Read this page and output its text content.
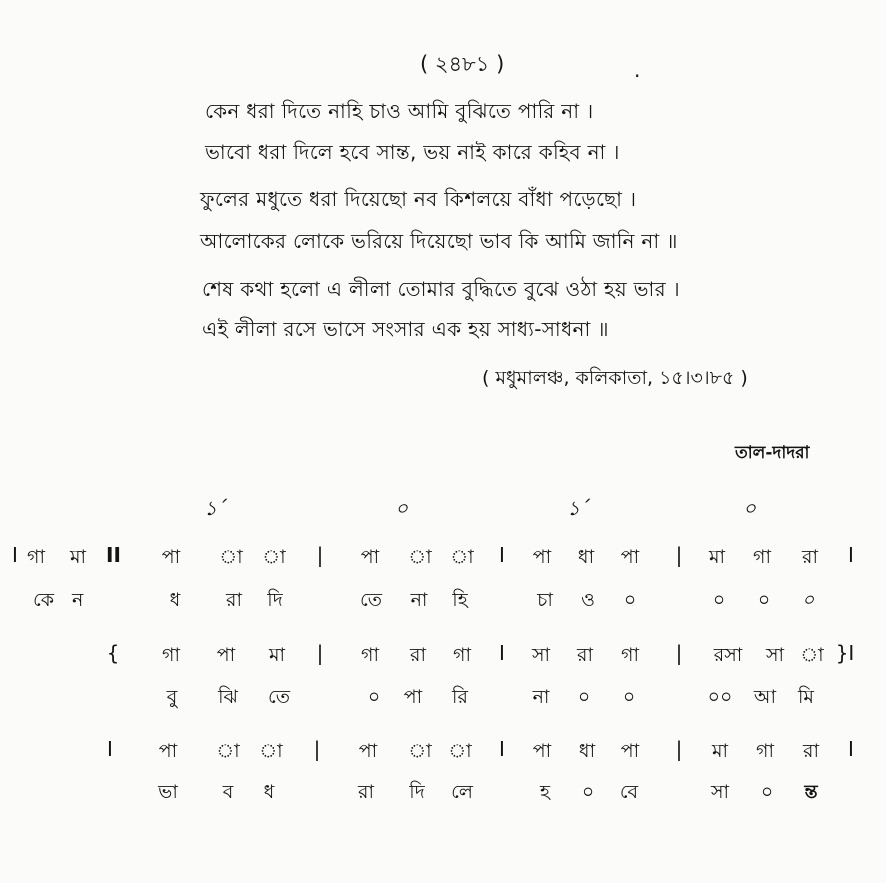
( ২৪৮১ )	.
কেন ধরা দিতে নাহি চাও আমি বুঝিতে পারি না ।
ভাবো ধরা দিলে হবে সান্ত, ভয় নাই কারে কহিব না ।
ফুলের মধুতে ধরা দিয়েছো নব কিশলয়ে বাঁধা পড়েছো ।
আলোকের লোকে ভরিয়ে দিয়েছো ভাব কি আমি জানি না ॥
শেষ কথা হলো এ লীলা তোমার বুদ্ধিতে বুঝে ওঠা হয় ভার ।
এই লীলা রসে ভাসে সংসার এক হয় সাধ্য-সাধনা ॥
( মধুমালঞ্চ, কলিকাতা, ১৫।৩।৮৫ )
তাল-দাদরা
১´	০	১´	০
I গা মা II পা া া | পা া া I পা ধা পা | মা গা রা I
কে ন	ধ রা দি	তে না হি	চা ও ০	০ ০ ০
{ গা পা মা | গা রা গা I সা রা গা | রসা সা া }I
বু ঝি তে	০ পা রি	না ০ ০	০০ আ মি
I পা া া | পা া া I পা ধা পা | মা গা রা I
ভা ব ধ	রা দি লে	হ ০ বে	সা ০ ন্ত
